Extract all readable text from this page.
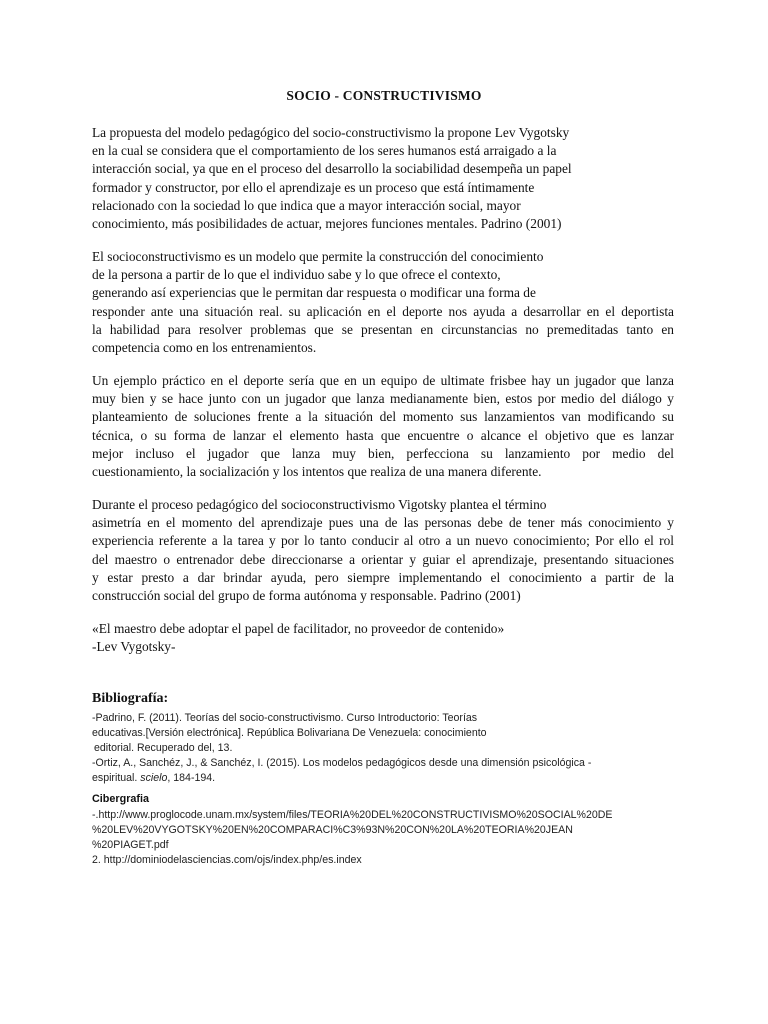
SOCIO - CONSTRUCTIVISMO
La propuesta del modelo pedagógico del socio-constructivismo la propone Lev Vygotsky
en la cual se considera que el comportamiento de los seres humanos está arraigado a la
interacción social, ya que en el proceso del desarrollo la sociabilidad desempeña un papel
formador y constructor, por ello el aprendizaje es un proceso que está íntimamente
relacionado con la sociedad lo que indica que a mayor interacción social, mayor
conocimiento, más posibilidades de actuar, mejores funciones mentales. Padrino (2001)
El socioconstructivismo es un modelo que permite la construcción del conocimiento
de la persona a partir de lo que el individuo sabe y lo que ofrece el contexto,
generando así experiencias que le permitan dar respuesta o modificar una forma de
responder ante una situación real. su aplicación en el deporte nos ayuda a desarrollar en el deportista
la habilidad para resolver problemas que se presentan en circunstancias no premeditadas tanto en
competencia como en los entrenamientos.
Un ejemplo práctico en el deporte sería que en un equipo de ultimate frisbee hay un jugador que lanza
muy bien y se hace junto con un jugador que lanza medianamente bien, estos por medio del diálogo y
planteamiento de soluciones frente a la situación del momento sus lanzamientos van modificando su
técnica, o su forma de lanzar el elemento hasta que encuentre o alcance el objetivo que es lanzar
mejor incluso el jugador que lanza muy bien, perfecciona su lanzamiento por medio del
cuestionamiento, la socialización y los intentos que realiza de una manera diferente.
Durante el proceso pedagógico del socioconstructivismo Vigotsky plantea el término
asimetría en el momento del aprendizaje pues una de las personas debe de tener más conocimiento y
experiencia referente a la tarea y por lo tanto conducir al otro a un nuevo conocimiento; Por ello el rol
del maestro o entrenador debe direccionarse a orientar y guiar el aprendizaje, presentando situaciones
y estar presto a dar brindar ayuda, pero siempre implementando el conocimiento a partir de la
construcción social del grupo de forma autónoma y responsable. Padrino (2001)
«El maestro debe adoptar el papel de facilitador, no proveedor de contenido»
-Lev Vygotsky-
Bibliografía:
-Padrino, F. (2011). Teorías del socio-constructivismo. Curso Introductorio: Teorías
educativas.[Versión electrónica]. República Bolivariana De Venezuela: conocimiento
editorial. Recuperado del, 13.
-Ortiz, A., Sanchéz, J., & Sanchéz, I. (2015). Los modelos pedagógicos desde una dimensión psicológica -
espiritual. scielo, 184-194.
Cibergrafia
-.http://www.proglocode.unam.mx/system/files/TEORIA%20DEL%20CONSTRUCTIVISMO%20SOCIAL%20DE
%20LEV%20VYGOTSKY%20EN%20COMPARACI%C3%93N%20CON%20LA%20TEORIA%20JEAN
%20PIAGET.pdf
2. http://dominiodelasciencias.com/ojs/index.php/es.index
